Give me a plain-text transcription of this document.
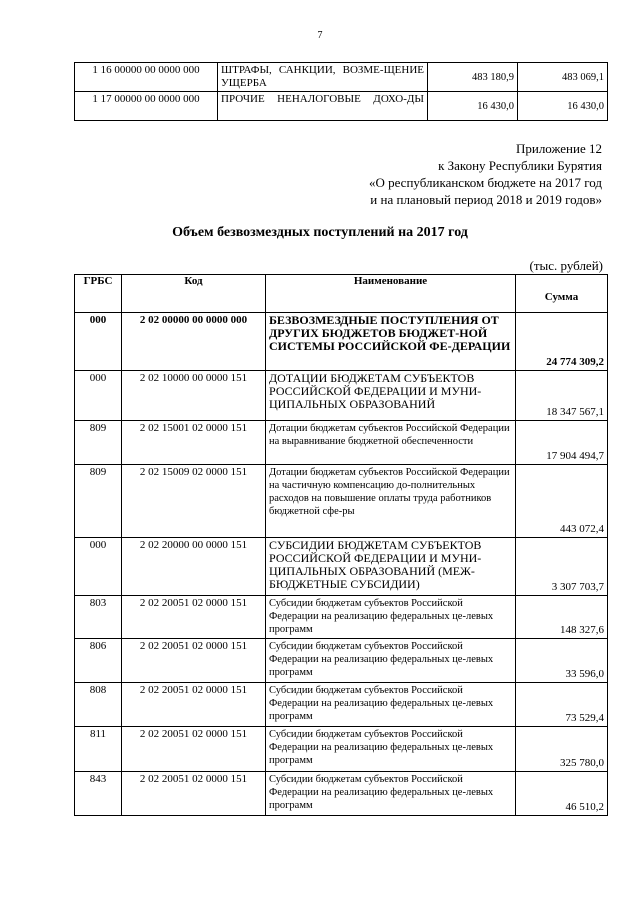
7
1 16 00000 00 0000 000	ШТРАФЫ, САНКЦИИ, ВОЗМЕ-ЩЕНИЕ УЩЕРБА	483 180,9	483 069,1
1 17 00000 00 0000 000	ПРОЧИЕ НЕНАЛОГОВЫЕ ДОХО-ДЫ	16 430,0	16 430,0
Приложение 12
к Закону Республики Бурятия
«О республиканском бюджете на 2017 год
и на плановый период 2018 и 2019 годов»
Объем безвозмездных поступлений на 2017 год
(тыс. рублей)
ГРБС	Код	Наименование	Сумма
000	2 02 00000 00 0000 000	БЕЗВОЗМЕЗДНЫЕ ПОСТУПЛЕНИЯ ОТ ДРУГИХ БЮДЖЕТОВ БЮДЖЕТ-НОЙ СИСТЕМЫ РОССИЙСКОЙ ФЕ-ДЕРАЦИИ	24 774 309,2
000	2 02 10000 00 0000 151	ДОТАЦИИ БЮДЖЕТАМ СУБЪЕКТОВ РОССИЙСКОЙ ФЕДЕРАЦИИ И МУНИ-ЦИПАЛЬНЫХ ОБРАЗОВАНИЙ	18 347 567,1
809	2 02 15001 02 0000 151	Дотации бюджетам субъектов Российской Федерации на выравнивание бюджетной обеспеченности	17 904 494,7
809	2 02 15009 02 0000 151	Дотации бюджетам субъектов Российской Федерации на частичную компенсацию до-полнительных расходов на повышение оплаты труда работников бюджетной сфе-ры	443 072,4
000	2 02 20000 00 0000 151	СУБСИДИИ БЮДЖЕТАМ СУБЪЕКТОВ РОССИЙСКОЙ ФЕДЕРАЦИИ И МУНИ-ЦИПАЛЬНЫХ ОБРАЗОВАНИЙ (МЕЖ-БЮДЖЕТНЫЕ СУБСИДИИ)	3 307 703,7
803	2 02 20051 02 0000 151	Субсидии бюджетам субъектов Российской Федерации на реализацию федеральных це-левых программ	148 327,6
806	2 02 20051 02 0000 151	Субсидии бюджетам субъектов Российской Федерации на реализацию федеральных це-левых программ	33 596,0
808	2 02 20051 02 0000 151	Субсидии бюджетам субъектов Российской Федерации на реализацию федеральных це-левых программ	73 529,4
811	2 02 20051 02 0000 151	Субсидии бюджетам субъектов Российской Федерации на реализацию федеральных це-левых программ	325 780,0
843	2 02 20051 02 0000 151	Субсидии бюджетам субъектов Российской Федерации на реализацию федеральных це-левых программ	46 510,2
